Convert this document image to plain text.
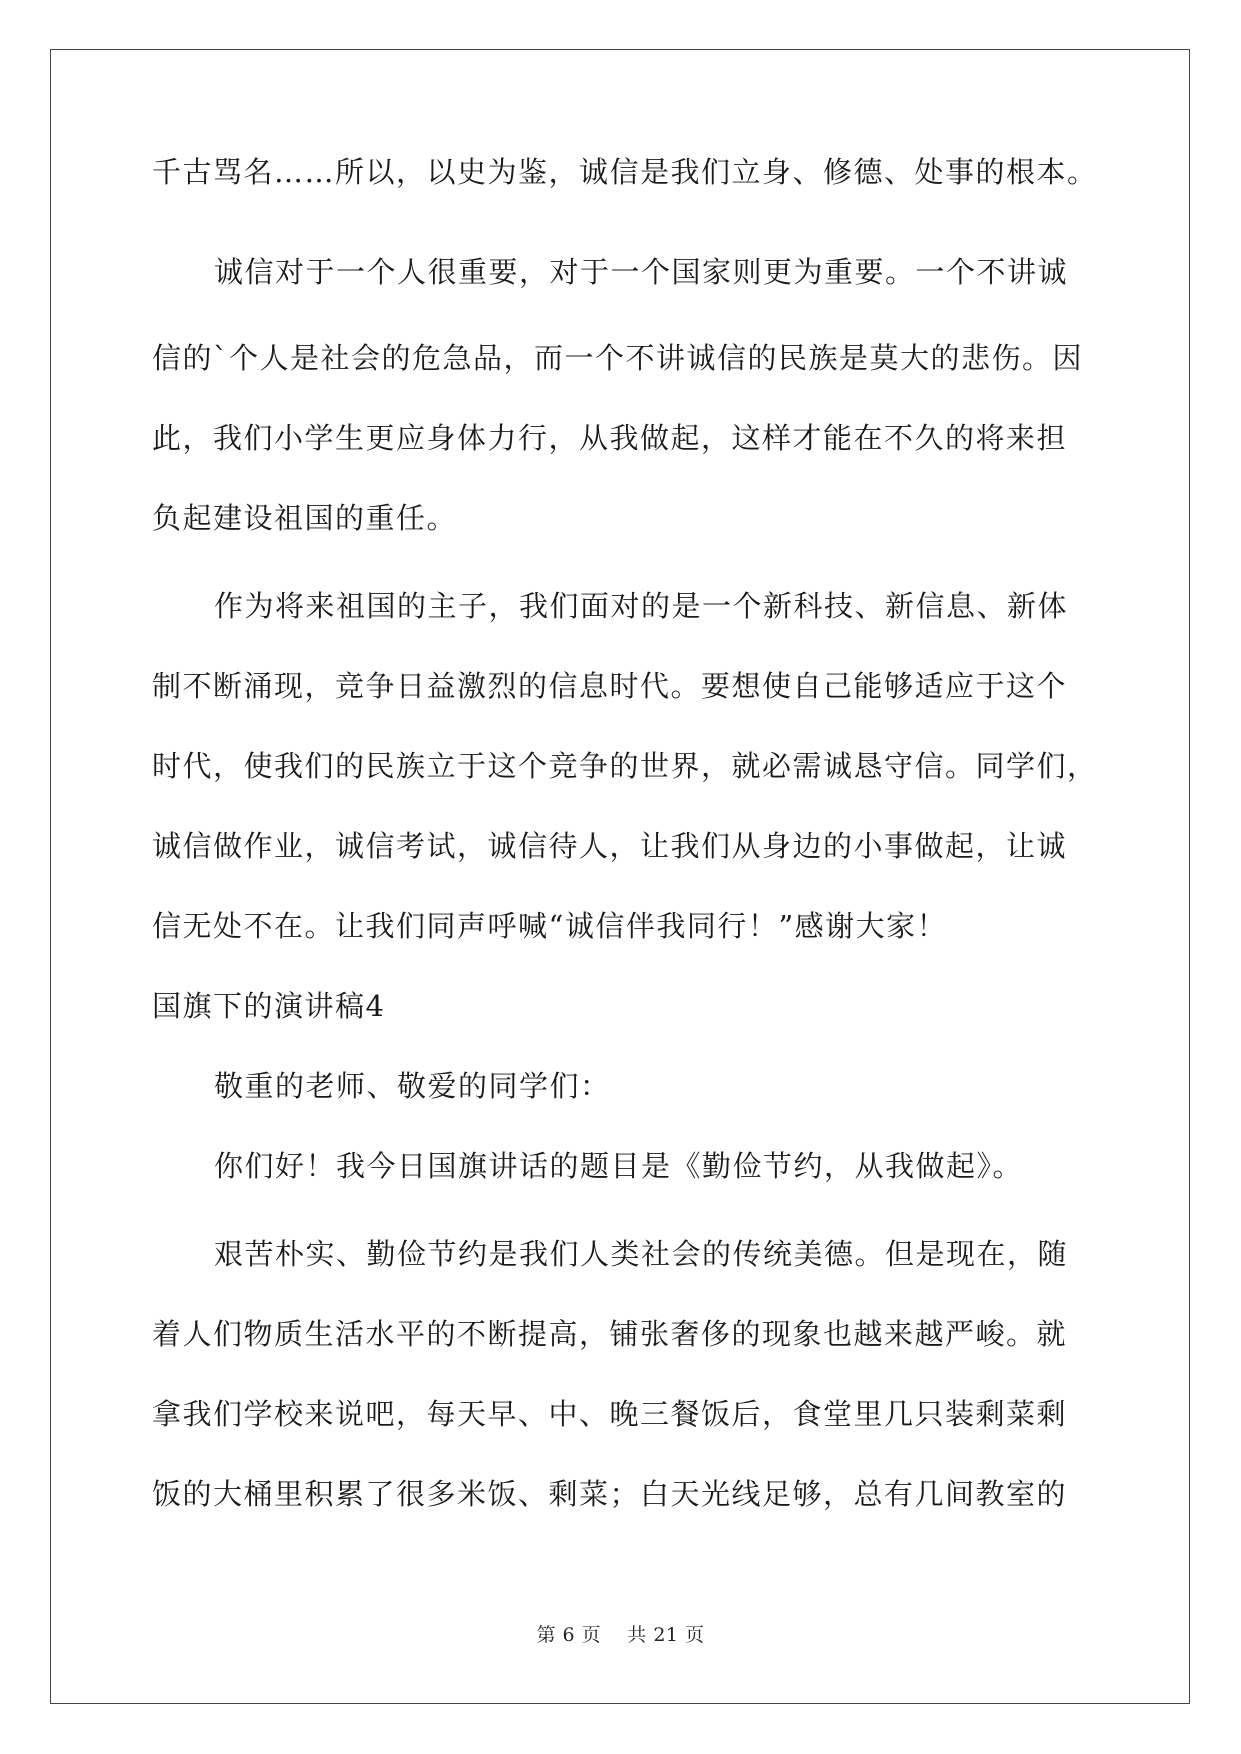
千古骂名……所以，以史为鉴，诚信是我们立身、修德、处事的根本。
诚信对于一个人很重要，对于一个国家则更为重要。一个不讲诚
信的`个人是社会的危急品，而一个不讲诚信的民族是莫大的悲伤。因
此，我们小学生更应身体力行，从我做起，这样才能在不久的将来担
负起建设祖国的重任。
作为将来祖国的主子，我们面对的是一个新科技、新信息、新体
制不断涌现，竞争日益激烈的信息时代。要想使自己能够适应于这个
时代，使我们的民族立于这个竞争的世界，就必需诚恳守信。同学们，
诚信做作业，诚信考试，诚信待人，让我们从身边的小事做起，让诚
信无处不在。让我们同声呼喊“诚信伴我同行！”感谢大家！
国旗下的演讲稿4
敬重的老师、敬爱的同学们：
你们好！我今日国旗讲话的题目是《勤俭节约，从我做起》。
艰苦朴实、勤俭节约是我们人类社会的传统美德。但是现在，随
着人们物质生活水平的不断提高，铺张奢侈的现象也越来越严峻。就
拿我们学校来说吧，每天早、中、晚三餐饭后，食堂里几只装剩菜剩
饭的大桶里积累了很多米饭、剩菜；白天光线足够，总有几间教室的
第 6 页    共 21 页
